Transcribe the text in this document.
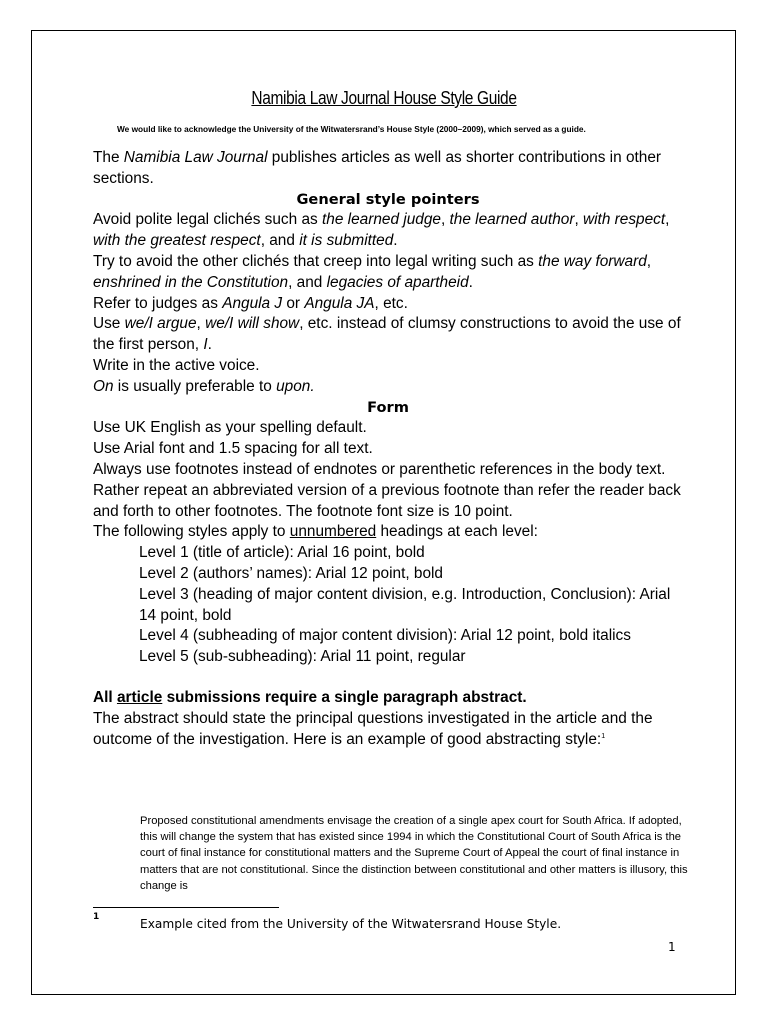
Namibia Law Journal House Style Guide
We would like to acknowledge the University of the Witwatersrand’s House Style (2000–2009), which served as a guide.

The Namibia Law Journal publishes articles as well as shorter contributions in other sections.

General style pointers

Avoid polite legal clichés such as the learned judge, the learned author, with respect, with the greatest respect, and it is submitted.

Try to avoid the other clichés that creep into legal writing such as the way forward, enshrined in the Constitution, and legacies of apartheid.

Refer to judges as Angula J or Angula JA, etc.

Use we/I argue, we/I will show, etc. instead of clumsy constructions to avoid the use of the first person, I.

Write in the active voice.

On is usually preferable to upon.

Form

Use UK English as your spelling default.

Use Arial font and 1.5 spacing for all text.

Always use footnotes instead of endnotes or parenthetic references in the body text. Rather repeat an abbreviated version of a previous footnote than refer the reader back and forth to other footnotes. The footnote font size is 10 point.

The following styles apply to unnumbered headings at each level:

Level 1 (title of article): Arial 16 point, bold

Level 2 (authors’ names): Arial 12 point, bold

Level 3 (heading of major content division, e.g. Introduction, Conclusion): Arial 14 point, bold

Level 4 (subheading of major content division): Arial 12 point, bold italics

Level 5 (sub-subheading): Arial 11 point, regular

All article submissions require a single paragraph abstract.

The abstract should state the principal questions investigated in the article and the outcome of the investigation. Here is an example of good abstracting style:$^1$

Proposed constitutional amendments envisage the creation of a single apex court for South Africa. If adopted, this will change the system that has existed since 1994 in which the Constitutional Court of South Africa is the court of final instance for constitutional matters and the Supreme Court of Appeal the court of final instance in matters that are not constitutional. Since the distinction between constitutional and other matters is illusory, this change is

1	Example cited from the University of the Witwatersrand House Style.
1
